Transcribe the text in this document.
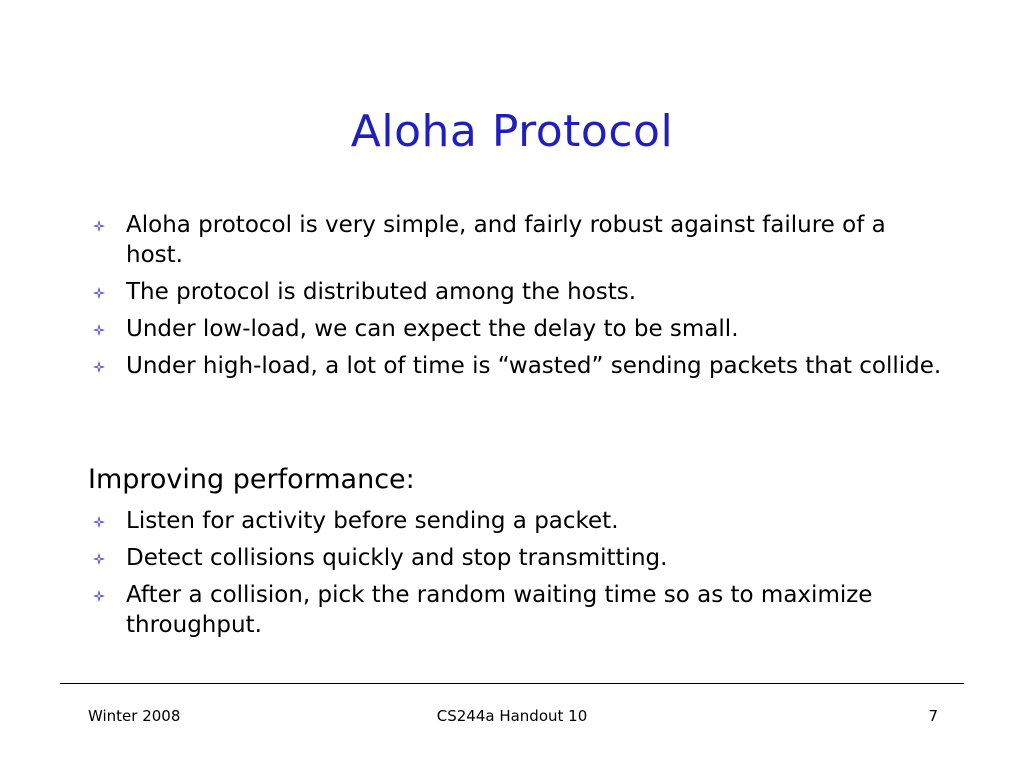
Aloha Protocol
Aloha protocol is very simple, and fairly robust against failure of a host.
The protocol is distributed among the hosts.
Under low-load, we can expect the delay to be small.
Under high-load, a lot of time is “wasted” sending packets that collide.
Improving performance:
Listen for activity before sending a packet.
Detect collisions quickly and stop transmitting.
After a collision, pick the random waiting time so as to maximize throughput.
Winter 2008	CS244a Handout 10	7
